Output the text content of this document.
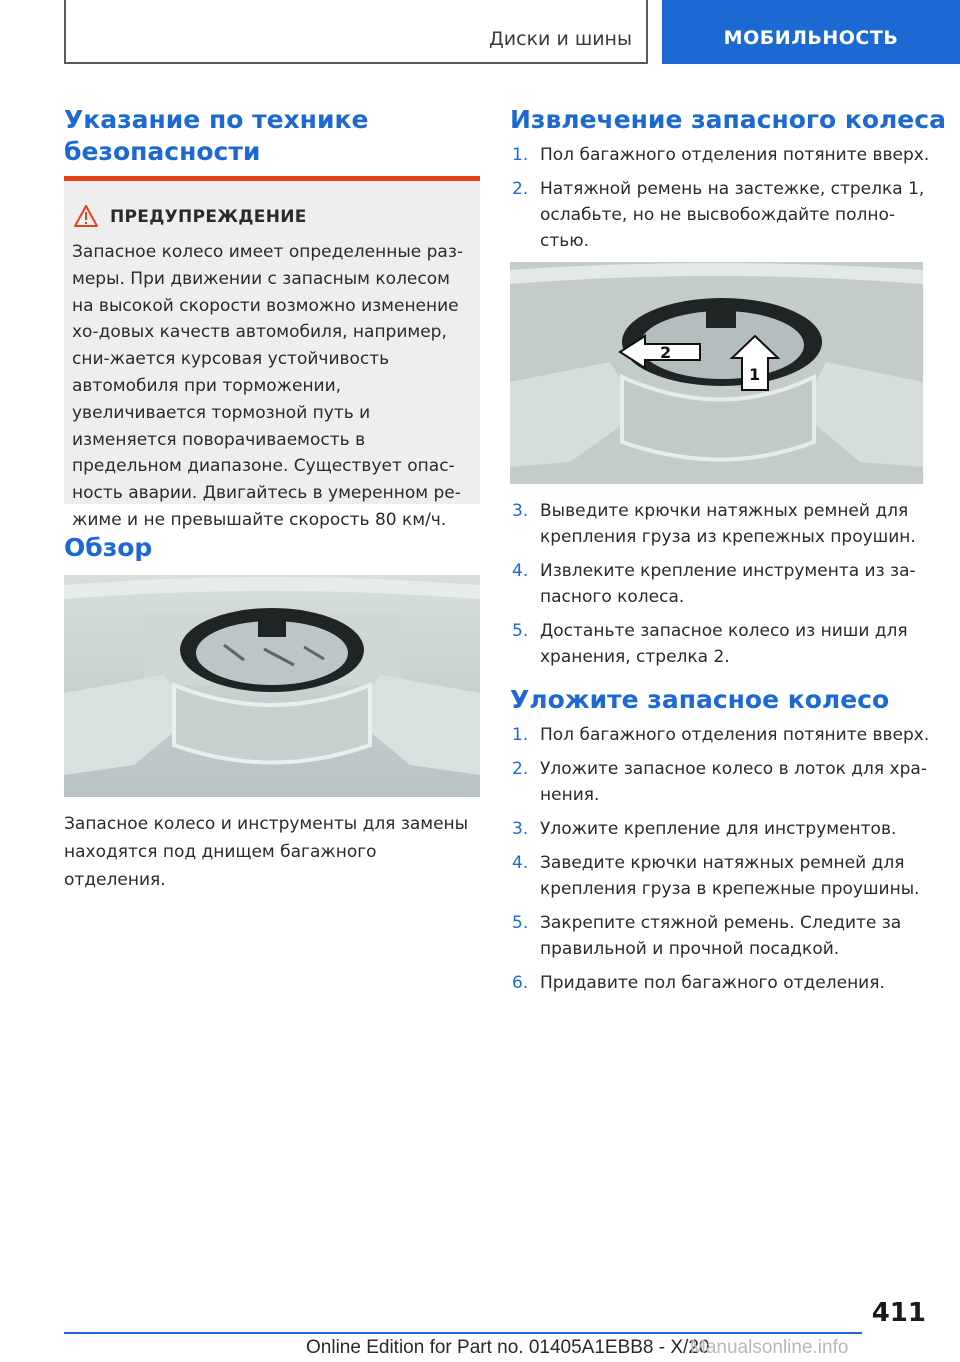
Диски и шины	МОБИЛЬНОСТЬ
Указание по технике
безопасности
ПРЕДУПРЕЖДЕНИЕ
Запасное колесо имеет определенные раз-меры. При движении с запасным колесом на высокой скорости возможно изменение хо-довых качеств автомобиля, например, сни-жается курсовая устойчивость автомобиля при торможении, увеличивается тормозной путь и изменяется поворачиваемость в предельном диапазоне. Существует опас-ность аварии. Двигайтесь в умеренном ре-жиме и не превышайте скорость 80 км/ч.
Обзор
Запасное колесо и инструменты для замены находятся под днищем багажного отделения.
Извлечение запасного колеса
1. Пол багажного отделения потяните вверх.
2. Натяжной ремень на застежке, стрелка 1, ослабьте, но не высвобождайте полно-стью.
2
1
3. Выведите крючки натяжных ремней для крепления груза из крепежных проушин.
4. Извлеките крепление инструмента из за-пасного колеса.
5. Достаньте запасное колесо из ниши для хранения, стрелка 2.
Уложите запасное колесо
1. Пол багажного отделения потяните вверх.
2. Уложите запасное колесо в лоток для хра-нения.
3. Уложите крепление для инструментов.
4. Заведите крючки натяжных ремней для крепления груза в крепежные проушины.
5. Закрепите стяжной ремень. Следите за правильной и прочной посадкой.
6. Придавите пол багажного отделения.
411
Online Edition for Part no. 01405A1EBB8 - X/20
Manualsonline.info
